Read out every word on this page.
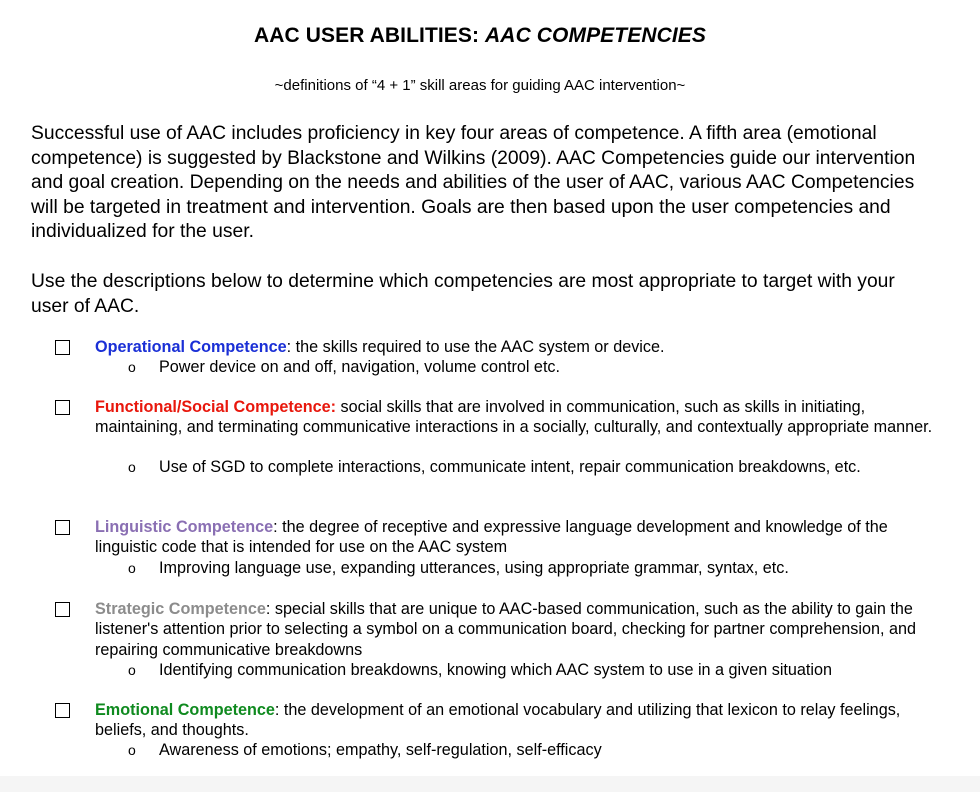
AAC USER ABILITIES: AAC COMPETENCIES
~definitions of “4 + 1” skill areas for guiding AAC intervention~
Successful use of AAC includes proficiency in key four areas of competence. A fifth area (emotional competence) is suggested by Blackstone and Wilkins (2009). AAC Competencies guide our intervention and goal creation. Depending on the needs and abilities of the user of AAC, various AAC Competencies will be targeted in treatment and intervention. Goals are then based upon the user competencies and individualized for the user.
Use the descriptions below to determine which competencies are most appropriate to target with your user of AAC.
Operational Competence: the skills required to use the AAC system or device.
o Power device on and off, navigation, volume control etc.
Functional/Social Competence: social skills that are involved in communication, such as skills in initiating, maintaining, and terminating communicative interactions in a socially, culturally, and contextually appropriate manner.
o Use of SGD to complete interactions, communicate intent, repair communication breakdowns, etc.
Linguistic Competence: the degree of receptive and expressive language development and knowledge of the linguistic code that is intended for use on the AAC system
o Improving language use, expanding utterances, using appropriate grammar, syntax, etc.
Strategic Competence: special skills that are unique to AAC-based communication, such as the ability to gain the listener's attention prior to selecting a symbol on a communication board, checking for partner comprehension, and repairing communicative breakdowns
o Identifying communication breakdowns, knowing which AAC system to use in a given situation
Emotional Competence: the development of an emotional vocabulary and utilizing that lexicon to relay feelings, beliefs, and thoughts.
o Awareness of emotions; empathy, self-regulation, self-efficacy
